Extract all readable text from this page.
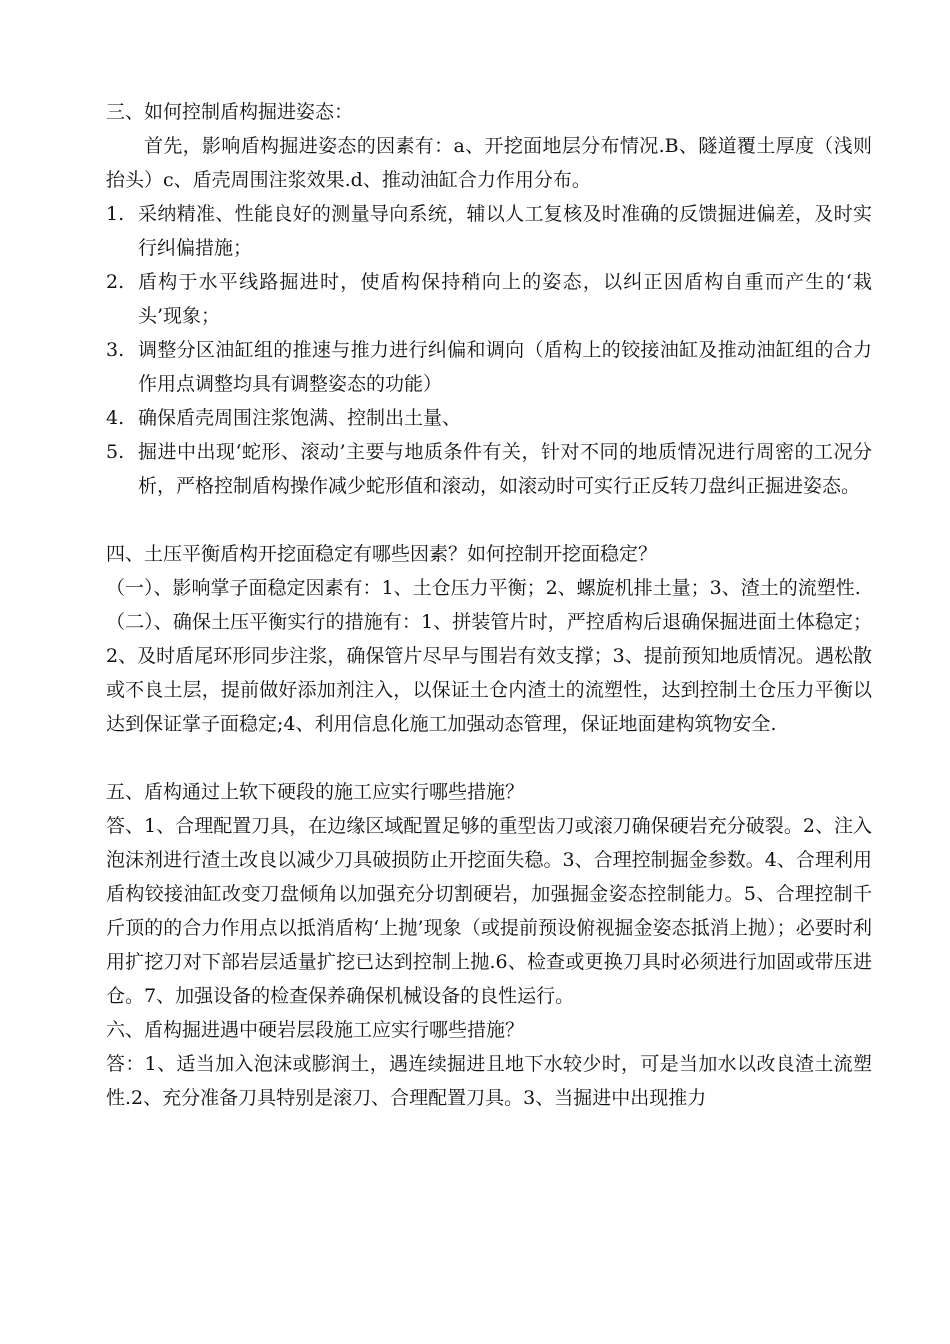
三、如何控制盾构掘进姿态：

首先，影响盾构掘进姿态的因素有：a、开挖面地层分布情况.B、隧道覆土厚度（浅则抬头）c、盾壳周围注浆效果.d、推动油缸合力作用分布。

1. 采纳精准、性能良好的测量导向系统，辅以人工复核及时准确的反馈掘进偏差，及时实行纠偏措施；
2. 盾构于水平线路掘进时，使盾构保持稍向上的姿态，以纠正因盾构自重而产生的‘栽头’现象；
3. 调整分区油缸组的推速与推力进行纠偏和调向（盾构上的铰接油缸及推动油缸组的合力作用点调整均具有调整姿态的功能）
4. 确保盾壳周围注浆饱满、控制出土量、
5. 掘进中出现‘蛇形、滚动’主要与地质条件有关，针对不同的地质情况进行周密的工况分析，严格控制盾构操作减少蛇形值和滚动，如滚动时可实行正反转刀盘纠正掘进姿态。

四、土压平衡盾构开挖面稳定有哪些因素？如何控制开挖面稳定？

（一）、影响掌子面稳定因素有：1、土仓压力平衡；2、螺旋机排土量；3、渣土的流塑性.

（二）、确保土压平衡实行的措施有：1、拼装管片时，严控盾构后退确保掘进面土体稳定；2、及时盾尾环形同步注浆，确保管片尽早与围岩有效支撑；3、提前预知地质情况。遇松散或不良土层，提前做好添加剂注入，以保证土仓内渣土的流塑性，达到控制土仓压力平衡以达到保证掌子面稳定;4、利用信息化施工加强动态管理，保证地面建构筑物安全.

五、盾构通过上软下硬段的施工应实行哪些措施？

答、1、合理配置刀具，在边缘区域配置足够的重型齿刀或滚刀确保硬岩充分破裂。2、注入泡沫剂进行渣土改良以减少刀具破损防止开挖面失稳。3、合理控制掘金参数。4、合理利用盾构铰接油缸改变刀盘倾角以加强充分切割硬岩，加强掘金姿态控制能力。5、合理控制千斤顶的的合力作用点以抵消盾构‘上抛’现象（或提前预设俯视掘金姿态抵消上抛）；必要时利用扩挖刀对下部岩层适量扩挖已达到控制上抛.6、检查或更换刀具时必须进行加固或带压进仓。7、加强设备的检查保养确保机械设备的良性运行。

六、盾构掘进遇中硬岩层段施工应实行哪些措施？

答：1、适当加入泡沫或膨润土，遇连续掘进且地下水较少时，可是当加水以改良渣土流塑性.2、充分准备刀具特别是滚刀、合理配置刀具。3、当掘进中出现推力
